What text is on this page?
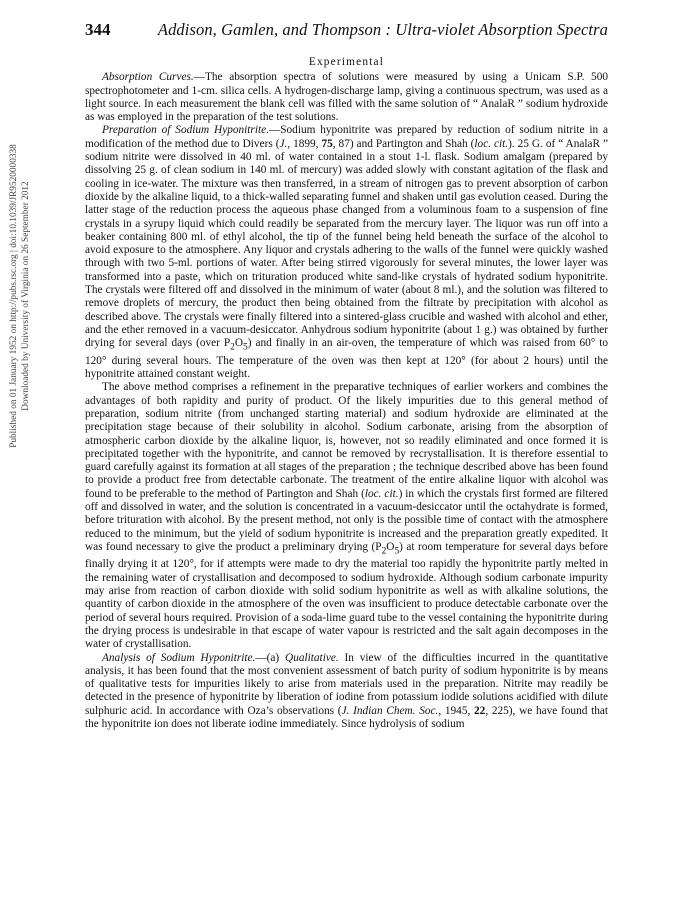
Published on 01 January 1952 on http://pubs.rsc.org | doi:10.1039/JR9520000338 Downloaded by University of Virginia on 26 September 2012
344	Addison, Gamlen, and Thompson : Ultra-violet Absorption Spectra
Experimental

Absorption Curves.—The absorption spectra of solutions were measured by using a Unicam S.P. 500 spectrophotometer and 1-cm. silica cells. A hydrogen-discharge lamp, giving a continuous spectrum, was used as a light source. In each measurement the blank cell was filled with the same solution of “ AnalaR ” sodium hydroxide as was employed in the preparation of the test solutions.

Preparation of Sodium Hyponitrite.—Sodium hyponitrite was prepared by reduction of sodium nitrite in a modification of the method due to Divers (J., 1899, 75, 87) and Partington and Shah (loc. cit.). 25 G. of “ AnalaR ” sodium nitrite were dissolved in 40 ml. of water contained in a stout 1-l. flask. Sodium amalgam (prepared by dissolving 25 g. of clean sodium in 140 ml. of mercury) was added slowly with constant agitation of the flask and cooling in ice-water. The mixture was then transferred, in a stream of nitrogen gas to prevent absorption of carbon dioxide by the alkaline liquid, to a thick-walled separating funnel and shaken until gas evolution ceased. During the latter stage of the reduction process the aqueous phase changed from a voluminous foam to a suspension of fine crystals in a syrupy liquid which could readily be separated from the mercury layer. The liquor was run off into a beaker containing 800 ml. of ethyl alcohol, the tip of the funnel being held beneath the surface of the alcohol to avoid exposure to the atmosphere. Any liquor and crystals adhering to the walls of the funnel were quickly washed through with two 5-ml. portions of water. After being stirred vigorously for several minutes, the lower layer was transformed into a paste, which on trituration produced white sand-like crystals of hydrated sodium hyponitrite. The crystals were filtered off and dissolved in the minimum of water (about 8 ml.), and the solution was filtered to remove droplets of mercury, the product then being obtained from the filtrate by precipitation with alcohol as described above. The crystals were finally filtered into a sintered-glass crucible and washed with alcohol and ether, and the ether removed in a vacuum-desiccator. Anhydrous sodium hyponitrite (about 1 g.) was obtained by further drying for several days (over $P_2O_5$) and finally in an air-oven, the temperature of which was raised from 60° to 120° during several hours. The temperature of the oven was then kept at 120° (for about 2 hours) until the hyponitrite attained constant weight.

The above method comprises a refinement in the preparative techniques of earlier workers and combines the advantages of both rapidity and purity of product. Of the likely impurities due to this general method of preparation, sodium nitrite (from unchanged starting material) and sodium hydroxide are eliminated at the precipitation stage because of their solubility in alcohol. Sodium carbonate, arising from the absorption of atmospheric carbon dioxide by the alkaline liquor, is, however, not so readily eliminated and once formed it is precipitated together with the hyponitrite, and cannot be removed by recrystallisation. It is therefore essential to guard carefully against its formation at all stages of the preparation ; the technique described above has been found to provide a product free from detectable carbonate. The treatment of the entire alkaline liquor with alcohol was found to be preferable to the method of Partington and Shah (loc. cit.) in which the crystals first formed are filtered off and dissolved in water, and the solution is concentrated in a vacuum-desiccator until the octahydrate is formed, before trituration with alcohol. By the present method, not only is the possible time of contact with the atmosphere reduced to the minimum, but the yield of sodium hyponitrite is increased and the preparation greatly expedited. It was found necessary to give the product a preliminary drying $(P_2O_5)$ at room temperature for several days before finally drying it at 120°, for if attempts were made to dry the material too rapidly the hyponitrite partly melted in the remaining water of crystallisation and decomposed to sodium hydroxide. Although sodium carbonate impurity may arise from reaction of carbon dioxide with solid sodium hyponitrite as well as with alkaline solutions, the quantity of carbon dioxide in the atmosphere of the oven was insufficient to produce detectable carbonate over the period of several hours required. Provision of a soda-lime guard tube to the vessel containing the hyponitrite during the drying process is undesirable in that escape of water vapour is restricted and the salt again decomposes in the water of crystallisation.

Analysis of Sodium Hyponitrite.—(a) Qualitative. In view of the difficulties incurred in the quantitative analysis, it has been found that the most convenient assessment of batch purity of sodium hyponitrite is by means of qualitative tests for impurities likely to arise from materials used in the preparation. Nitrite may readily be detected in the presence of hyponitrite by liberation of iodine from potassium iodide solutions acidified with dilute sulphuric acid. In accordance with Oza’s observations (J. Indian Chem. Soc., 1945, 22, 225), we have found that the hyponitrite ion does not liberate iodine immediately. Since hydrolysis of sodium
